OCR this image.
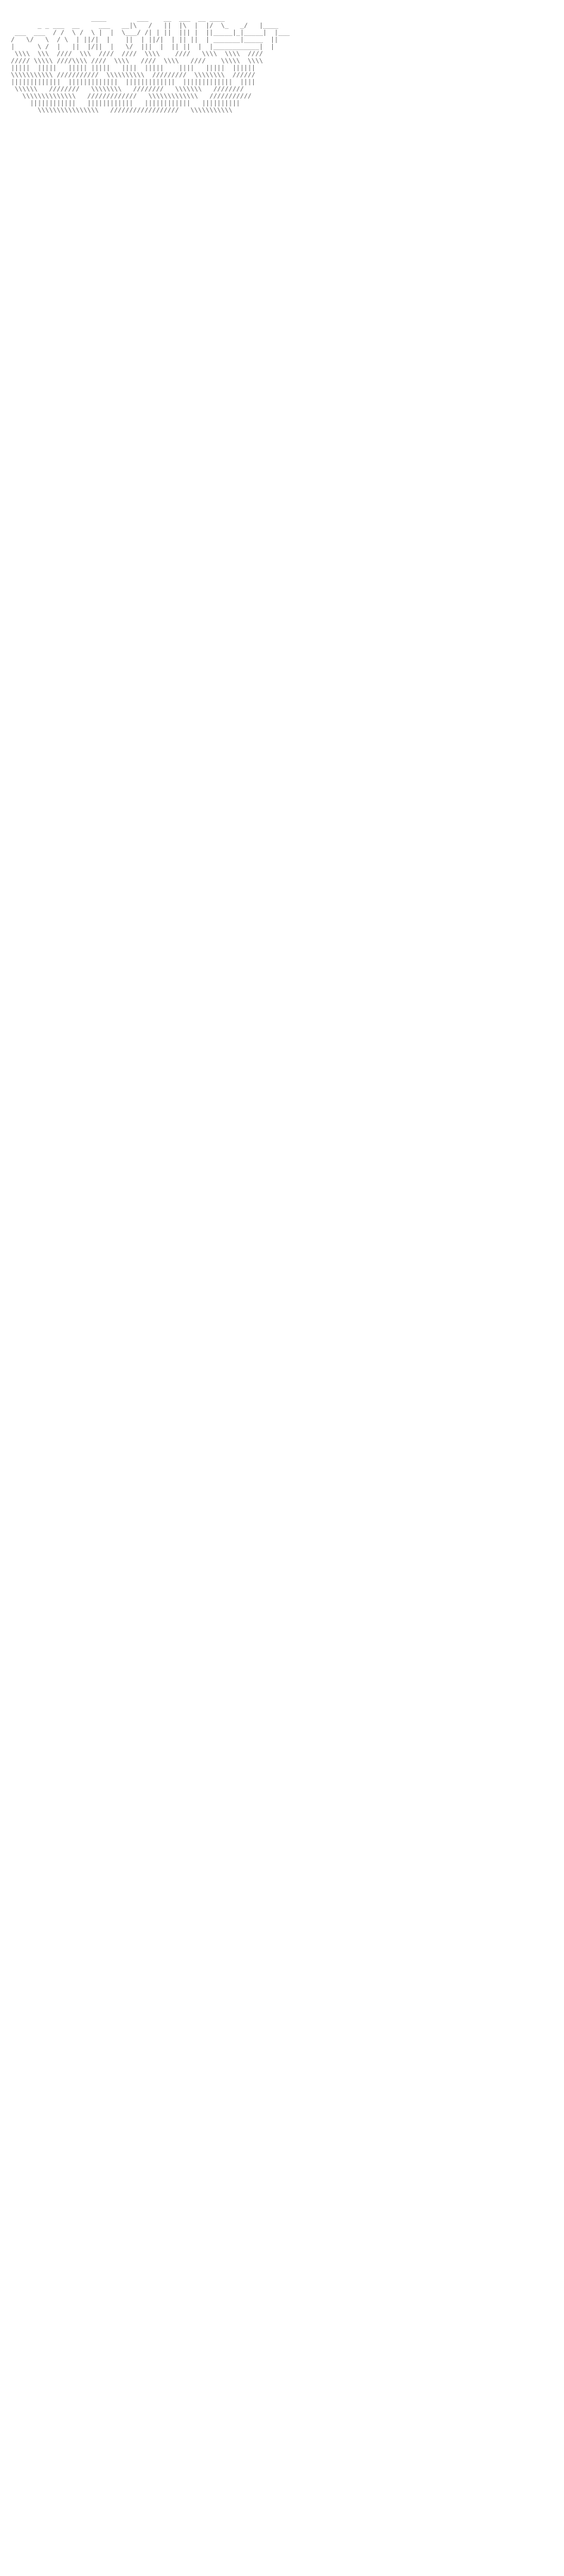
____        ___    __  ___  __ ____
_ _ ___  __     ___   __|\   /   ||  |\  |  |/  \_   _/   |____
___  ___  / /  \ /  \ |  |  \___/ /| | ||  ||| |  ||_____|_|_____|  |___
/   \/   \  / \  | ||/|  |    ||  | ||/|  | || ||  | _______|_____  ||
|      \ /  |   ||  |/||  |   \/  |||  |  || ||  |  |____________|  |
\\\\  \\\  ////  \\\  ////  ////  \\\\    ////   \\\\  \\\\  ////
///// \\\\\ ////\\\\ ////  \\\\   ////  \\\\   ////    \\\\\  \\\\
|||||  |||||   ||||| |||||   ||||  |||||    ||||   |||||  ||||||
\\\\\\\\\\\ ///////////  \\\\\\\\\\  /////////  \\\\\\\\  //////
|||||||||||||  |||||||||||||  |||||||||||||  |||||||||||||  ||||
\\\\\\   ////////   \\\\\\\\   ////////   \\\\\\\   ////////
\\\\\\\\\\\\\\   /////////////   \\\\\\\\\\\\\   ///////////
||||||||||||   ||||||||||||   ||||||||||||   ||||||||||
\\\\\\\\\\\\\\\\   //////////////////   \\\\\\\\\\\
